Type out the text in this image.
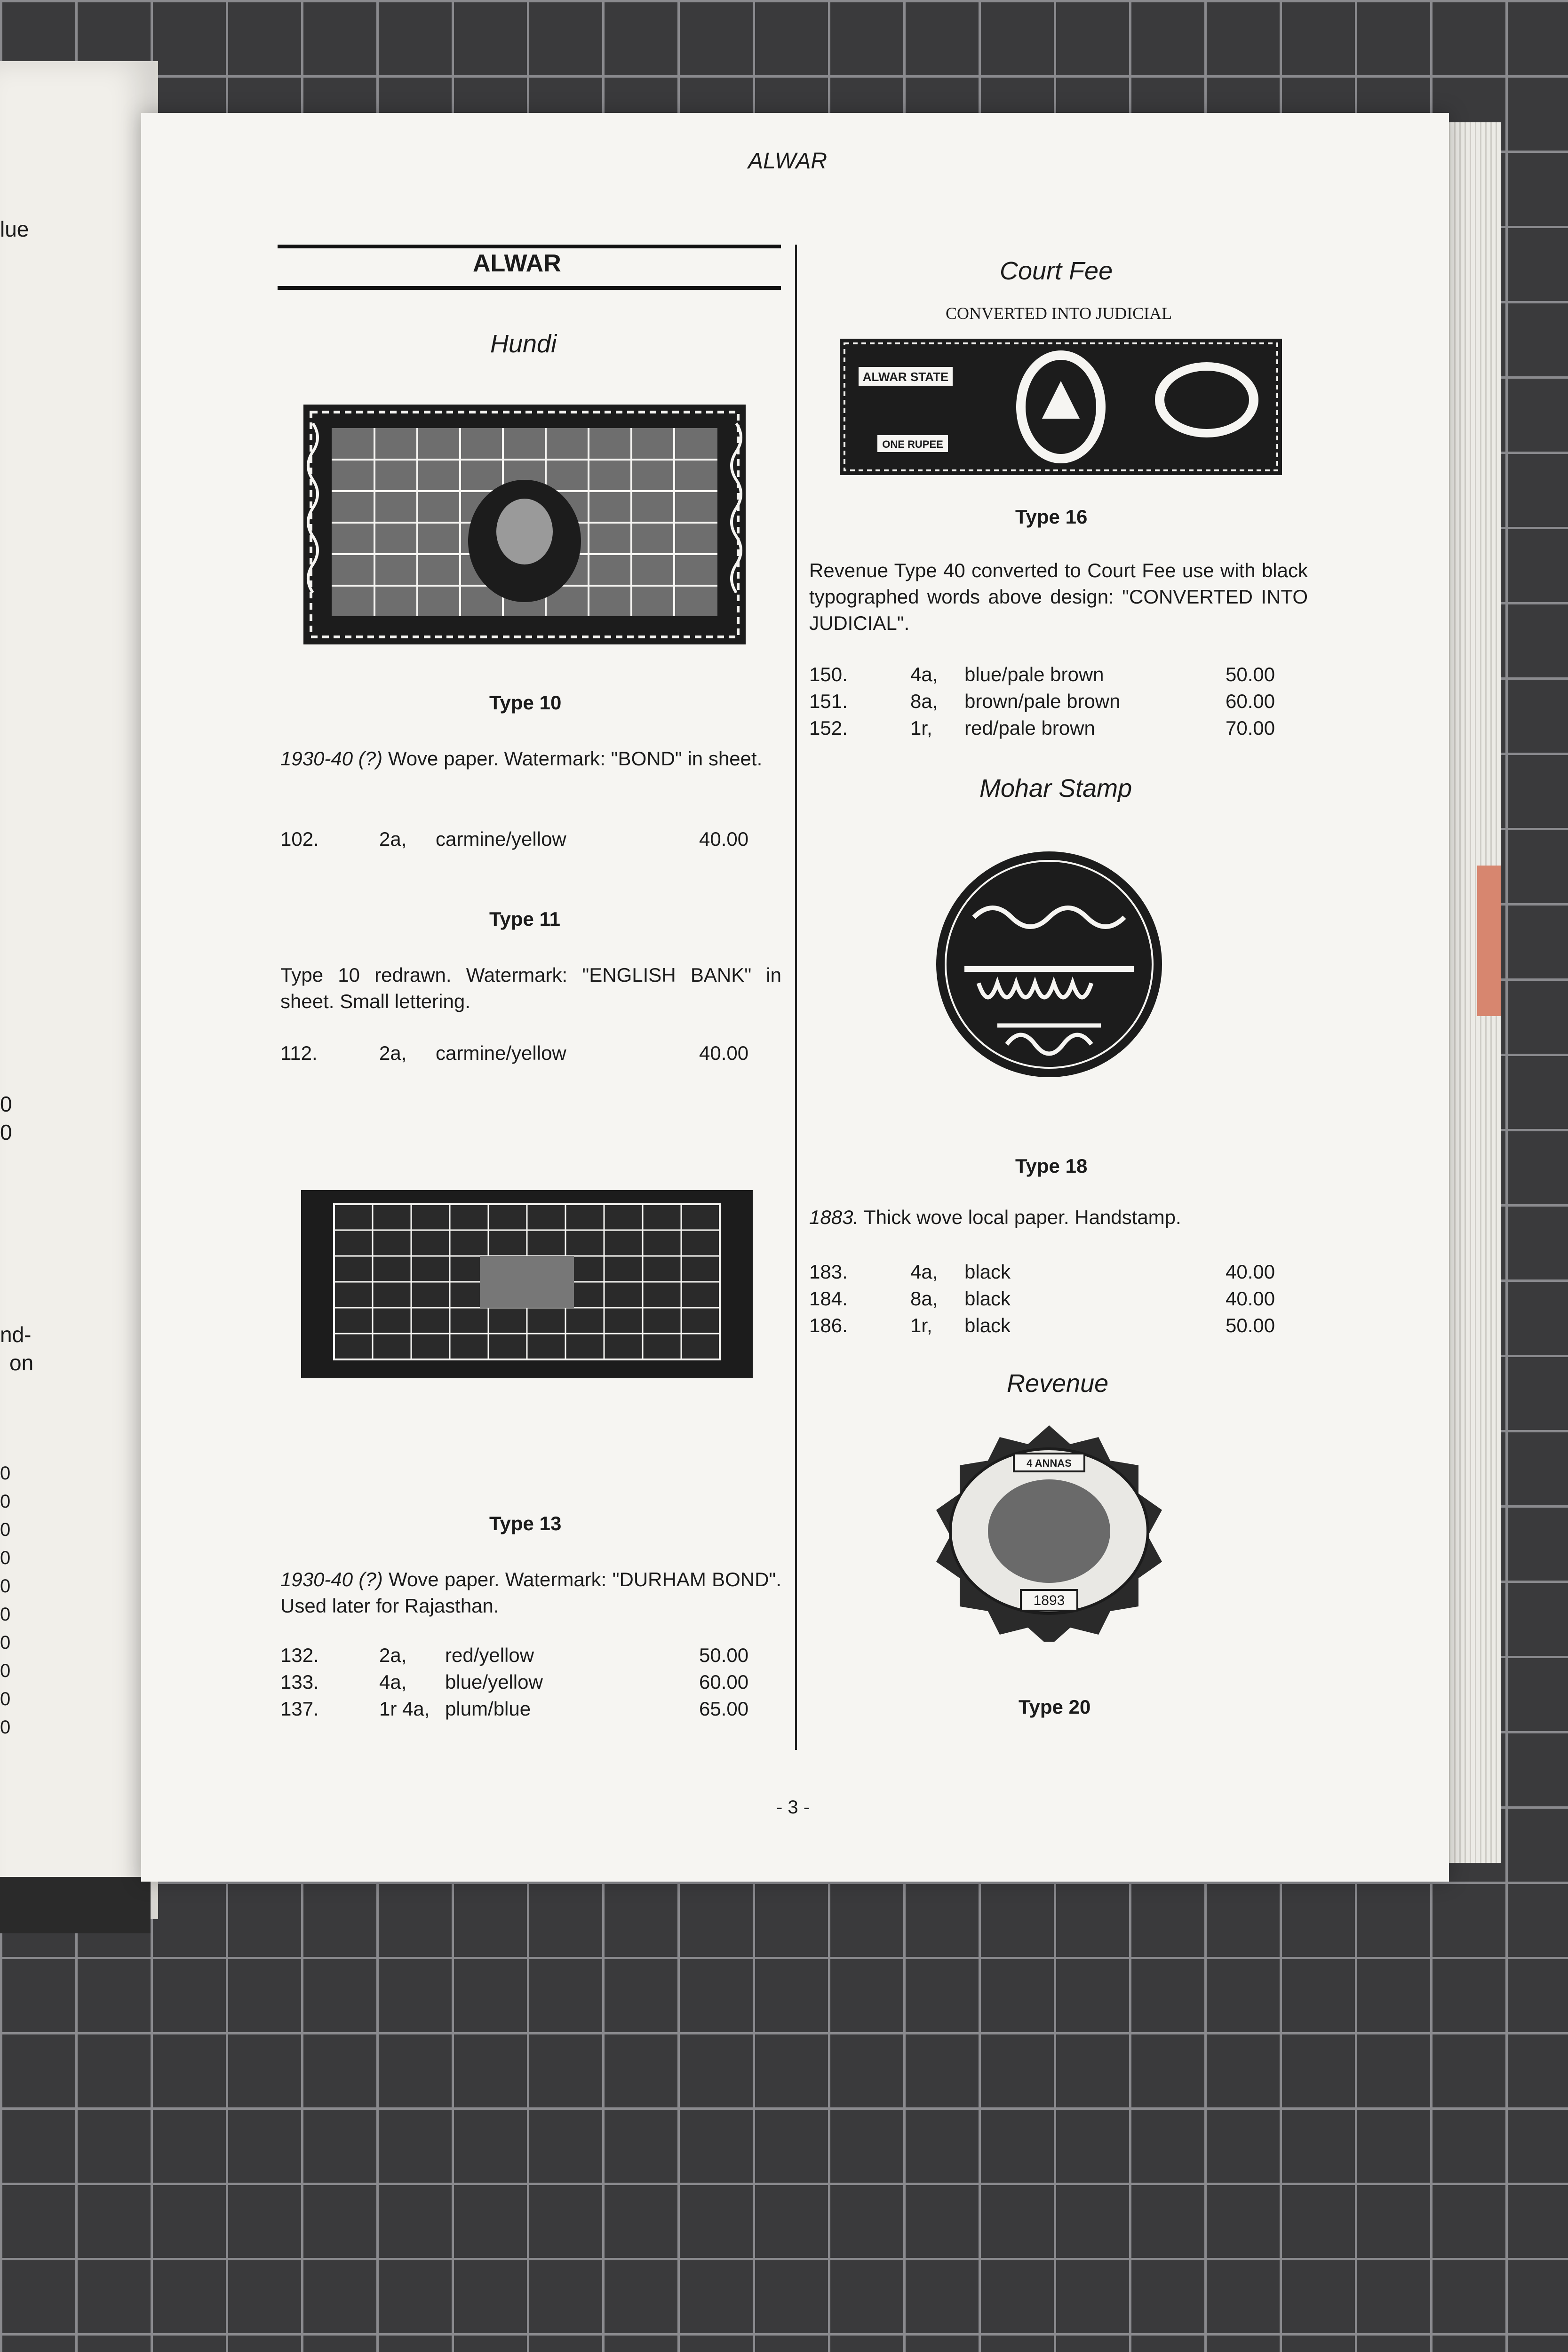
lue
0
0
nd-
on
0
0
0
0
0
0
0
0
0
0
ALWAR
ALWAR
Hundi
Type 10
1930-40 (?) Wove paper. Watermark: "BOND" in sheet.
102.	2a, carmine/yellow	40.00
Type 11
Type 10 redrawn. Watermark: "ENGLISH BANK" in sheet. Small lettering.
112.	2a, carmine/yellow	40.00
Type 13
1930-40 (?) Wove paper. Watermark: "DURHAM BOND". Used later for Rajasthan.
132.	2a, red/yellow	50.00
133.	4a, blue/yellow	60.00
137.	1r 4a, plum/blue	65.00
Court Fee
CONVERTED INTO JUDICIAL
ALWAR STATE
ONE RUPEE
Type 16
Revenue Type 40 converted to Court Fee use with black typographed words above design: "CONVERTED INTO JUDICIAL".
150.	4a, blue/pale brown	50.00
151.	8a, brown/pale brown	60.00
152.	1r, red/pale brown	70.00
Mohar Stamp
Type 18
1883. Thick wove local paper. Handstamp.
183.	4a, black	40.00
184.	8a, black	40.00
186.	1r, black	50.00
Revenue
4 ANNAS
1893
Type 20
- 3 -
